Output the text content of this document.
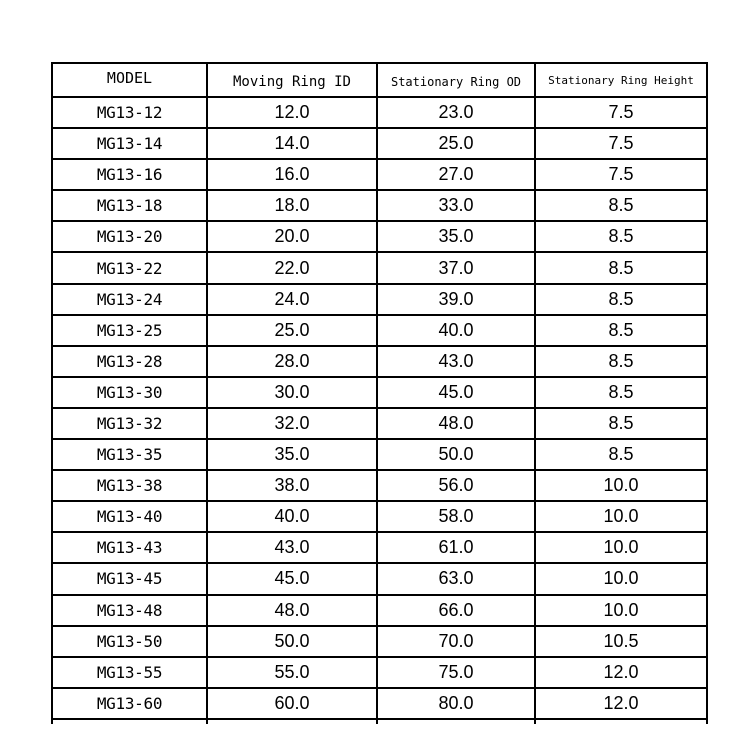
MODEL	Moving Ring ID	Stationary Ring OD	Stationary Ring Height
MG13-12	12.0	23.0	7.5
MG13-14	14.0	25.0	7.5
MG13-16	16.0	27.0	7.5
MG13-18	18.0	33.0	8.5
MG13-20	20.0	35.0	8.5
MG13-22	22.0	37.0	8.5
MG13-24	24.0	39.0	8.5
MG13-25	25.0	40.0	8.5
MG13-28	28.0	43.0	8.5
MG13-30	30.0	45.0	8.5
MG13-32	32.0	48.0	8.5
MG13-35	35.0	50.0	8.5
MG13-38	38.0	56.0	10.0
MG13-40	40.0	58.0	10.0
MG13-43	43.0	61.0	10.0
MG13-45	45.0	63.0	10.0
MG13-48	48.0	66.0	10.0
MG13-50	50.0	70.0	10.5
MG13-55	55.0	75.0	12.0
MG13-60	60.0	80.0	12.0
